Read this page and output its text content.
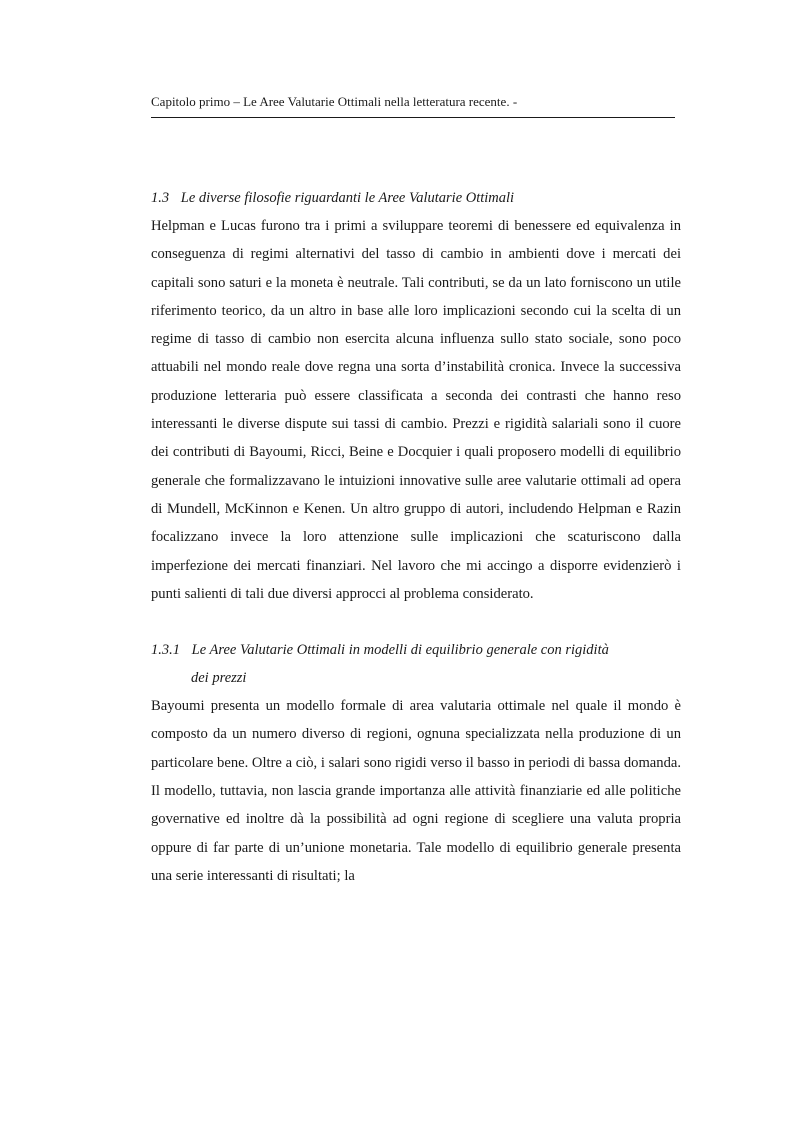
Capitolo primo – Le Aree Valutarie Ottimali nella letteratura recente. -
1.3 Le diverse filosofie riguardanti le Aree Valutarie Ottimali

Helpman e Lucas furono tra i primi a sviluppare teoremi di benessere ed equivalenza in conseguenza di regimi alternativi del tasso di cambio in ambienti dove i mercati dei capitali sono saturi e la moneta è neutrale. Tali contributi, se da un lato forniscono un utile riferimento teorico, da un altro in base alle loro implicazioni secondo cui la scelta di un regime di tasso di cambio non esercita alcuna influenza sullo stato sociale, sono poco attuabili nel mondo reale dove regna una sorta d’instabilità cronica. Invece la successiva produzione letteraria può essere classificata a seconda dei contrasti che hanno reso interessanti le diverse dispute sui tassi di cambio. Prezzi e rigidità salariali sono il cuore dei contributi di Bayoumi, Ricci, Beine e Docquier i quali proposero modelli di equilibrio generale che formalizzavano le intuizioni innovative sulle aree valutarie ottimali ad opera di Mundell, McKinnon e Kenen. Un altro gruppo di autori, includendo Helpman e Razin focalizzano invece la loro attenzione sulle implicazioni che scaturiscono dalla imperfezione dei mercati finanziari. Nel lavoro che mi accingo a disporre evidenzierò i punti salienti di tali due diversi approcci al problema considerato.

1.3.1 Le Aree Valutarie Ottimali in modelli di equilibrio generale con rigidità
dei prezzi

Bayoumi presenta un modello formale di area valutaria ottimale nel quale il mondo è composto da un numero diverso di regioni, ognuna specializzata nella produzione di un particolare bene. Oltre a ciò, i salari sono rigidi verso il basso in periodi di bassa domanda. Il modello, tuttavia, non lascia grande importanza alle attività finanziarie ed alle politiche governative ed inoltre dà la possibilità ad ogni regione di scegliere una valuta propria oppure di far parte di un’unione monetaria. Tale modello di equilibrio generale presenta una serie interessanti di risultati; la
